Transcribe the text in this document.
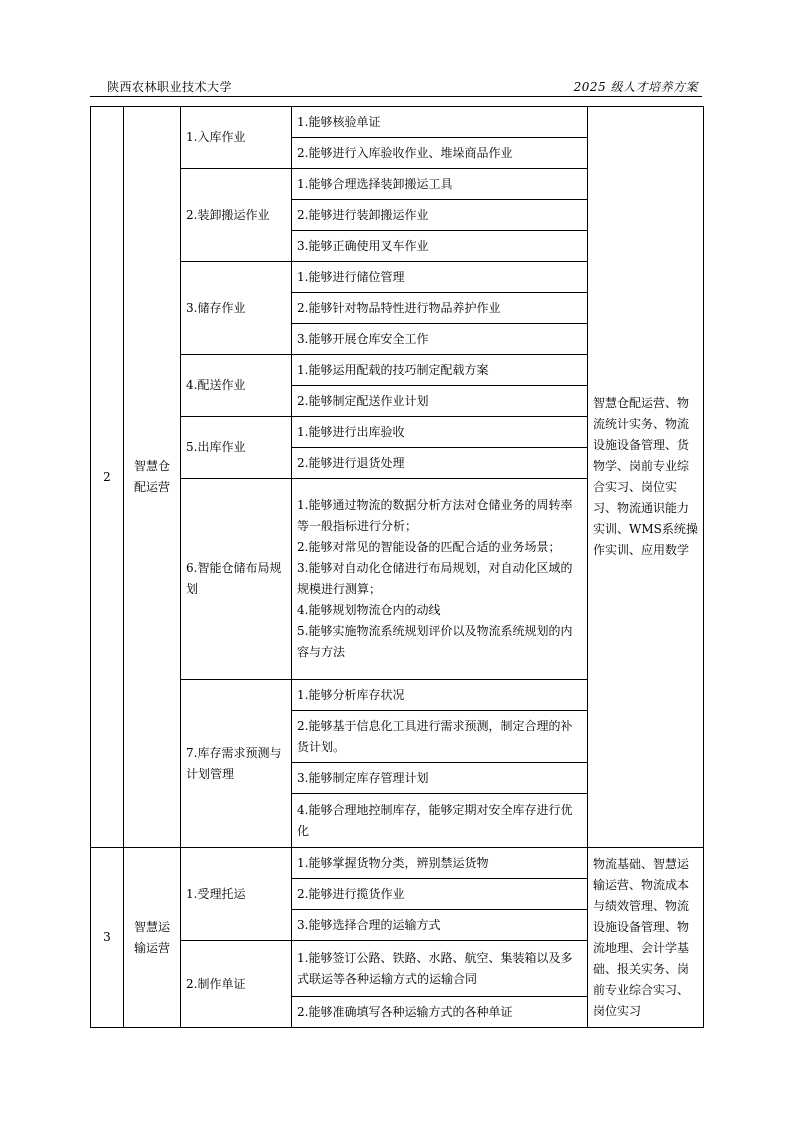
陕西农林职业技术大学	2025 级人才培养方案
2	智慧仓配运营	1.入库作业	1.能够核验单证	智慧仓配运营、物流统计实务、物流设施设备管理、货物学、岗前专业综合实习、岗位实习、物流通识能力实训、WMS系统操作实训、应用数学
			2.能够进行入库验收作业、堆垛商品作业	
		2.装卸搬运作业	1.能够合理选择装卸搬运工具	
			2.能够进行装卸搬运作业	
			3.能够正确使用叉车作业	
		3.储存作业	1.能够进行储位管理	
			2.能够针对物品特性进行物品养护作业	
			3.能够开展仓库安全工作	
		4.配送作业	1.能够运用配载的技巧制定配载方案	
			2.能够制定配送作业计划	
		5.出库作业	1.能够进行出库验收	
			2.能够进行退货处理	
		6.智能仓储布局规划	1.能够通过物流的数据分析方法对仓储业务的周转率等一般指标进行分析；
2.能够对常见的智能设备的匹配合适的业务场景；
3.能够对自动化仓储进行布局规划，对自动化区域的规模进行测算；
4.能够规划物流仓内的动线
5.能够实施物流系统规划评价以及物流系统规划的内容与方法	

		7.库存需求预测与计划管理	1.能够分析库存状况	
			2.能够基于信息化工具进行需求预测，制定合理的补货计划。	
			3.能够制定库存管理计划	
			4.能够合理地控制库存，能够定期对安全库存进行优化	
3	智慧运输运营	1.受理托运	1.能够掌握货物分类，辨别禁运货物	物流基础、智慧运输运营、物流成本与绩效管理、物流设施设备管理、物流地理、会计学基础、报关实务、岗前专业综合实习、岗位实习
			2.能够进行揽货作业	
			3.能够选择合理的运输方式	
		2.制作单证	1.能够签订公路、铁路、水路、航空、集装箱以及多式联运等各种运输方式的运输合同	
			2.能够准确填写各种运输方式的各种单证	
